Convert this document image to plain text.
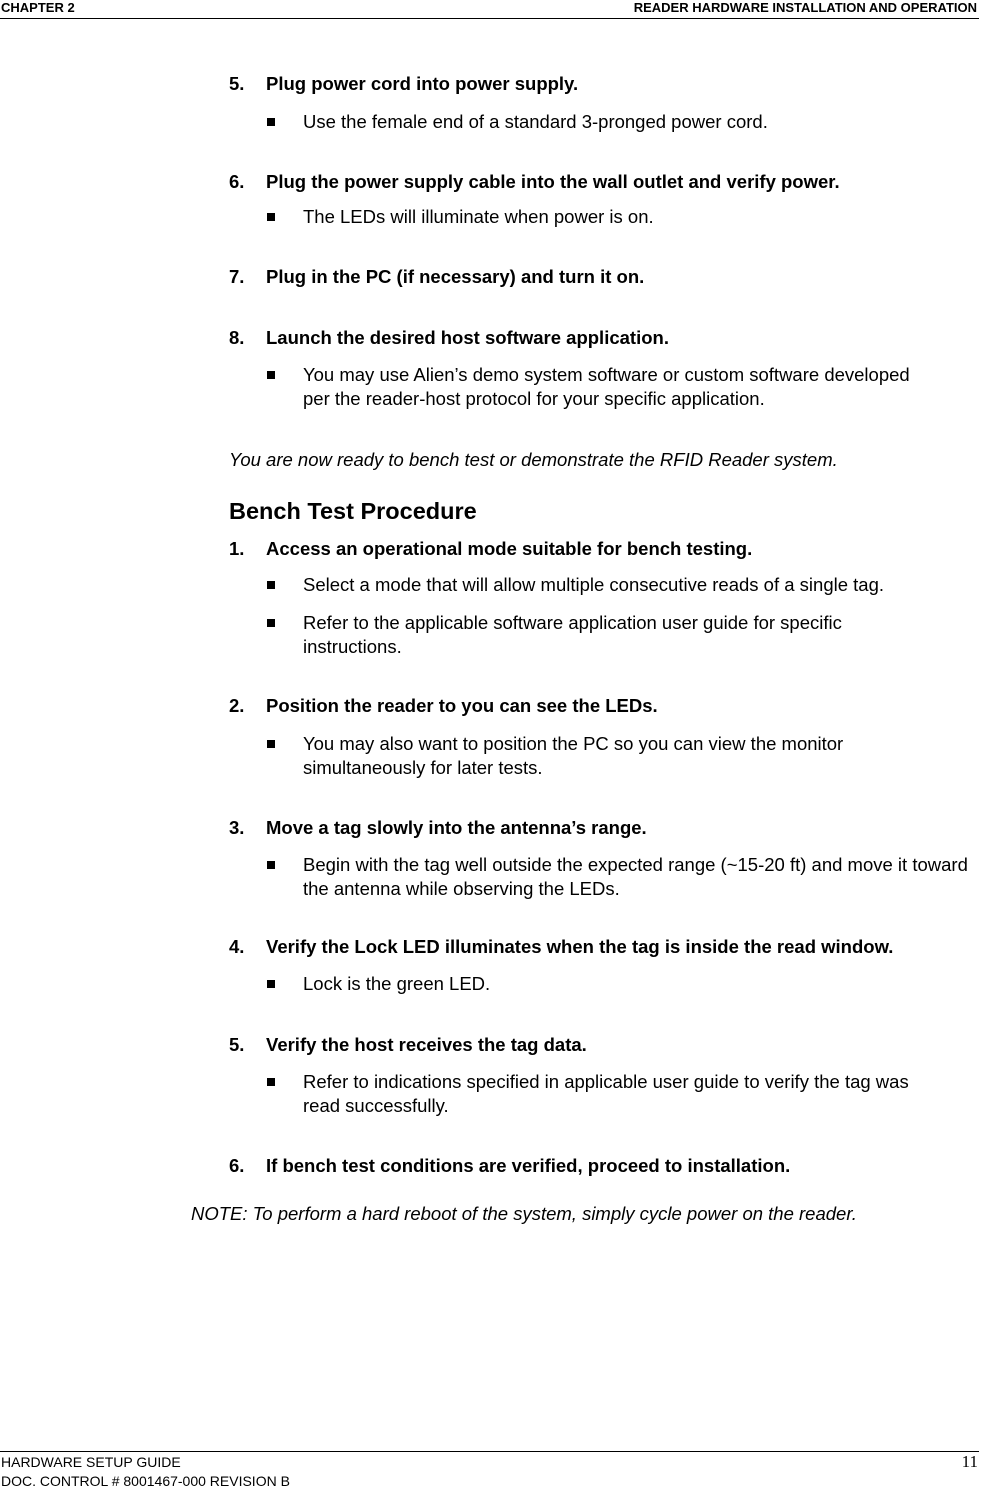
CHAPTER 2	READER HARDWARE INSTALLATION AND OPERATION
5. Plug power cord into power supply.
Use the female end of a standard 3-pronged power cord.
6. Plug the power supply cable into the wall outlet and verify power.
The LEDs will illuminate when power is on.
7. Plug in the PC (if necessary) and turn it on.
8. Launch the desired host software application.
You may use Alien’s demo system software or custom software developed per the reader-host protocol for your specific application.
You are now ready to bench test or demonstrate the RFID Reader system.
Bench Test Procedure
1. Access an operational mode suitable for bench testing.
Select a mode that will allow multiple consecutive reads of a single tag.
Refer to the applicable software application user guide for specific instructions.
2. Position the reader to you can see the LEDs.
You may also want to position the PC so you can view the monitor simultaneously for later tests.
3. Move a tag slowly into the antenna’s range.
Begin with the tag well outside the expected range (~15-20 ft) and move it toward the antenna while observing the LEDs.
4. Verify the Lock LED illuminates when the tag is inside the read window.
Lock is the green LED.
5. Verify the host receives the tag data.
Refer to indications specified in applicable user guide to verify the tag was read successfully.
6. If bench test conditions are verified, proceed to installation.
NOTE: To perform a hard reboot of the system, simply cycle power on the reader.
HARDWARE SETUP GUIDE
DOC. CONTROL # 8001467-000 REVISION B
11
